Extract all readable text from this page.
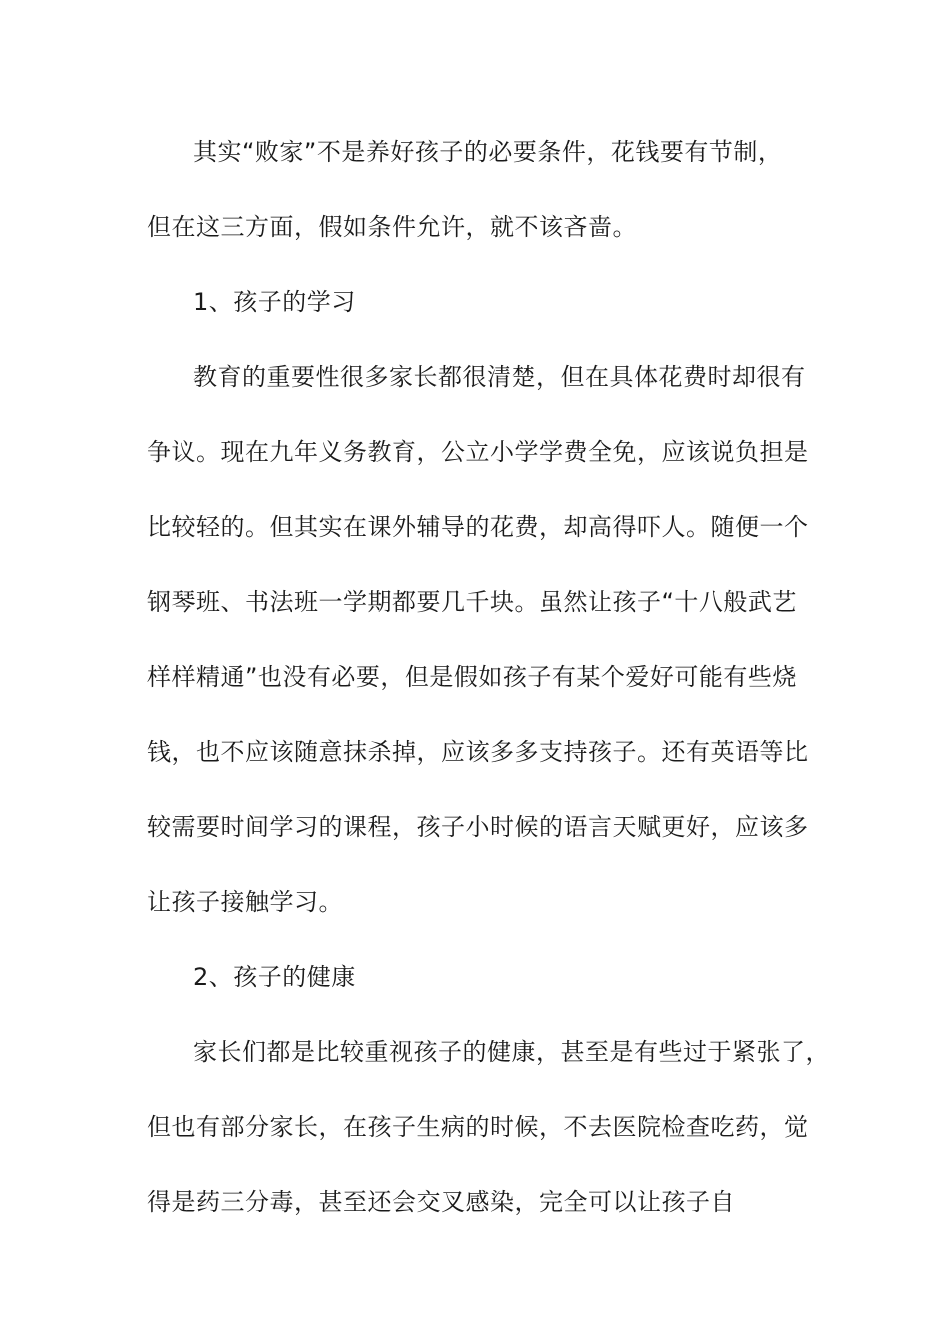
其实“败家”不是养好孩子的必要条件，花钱要有节制，
但在这三方面，假如条件允许，就不该吝啬。
1、孩子的学习
教育的重要性很多家长都很清楚，但在具体花费时却很有
争议。现在九年义务教育，公立小学学费全免，应该说负担是
比较轻的。但其实在课外辅导的花费，却高得吓人。随便一个
钢琴班、书法班一学期都要几千块。虽然让孩子“十八般武艺
样样精通”也没有必要，但是假如孩子有某个爱好可能有些烧
钱，也不应该随意抹杀掉，应该多多支持孩子。还有英语等比
较需要时间学习的课程，孩子小时候的语言天赋更好，应该多
让孩子接触学习。
2、孩子的健康
家长们都是比较重视孩子的健康，甚至是有些过于紧张了，
但也有部分家长，在孩子生病的时候，不去医院检查吃药，觉
得是药三分毒，甚至还会交叉感染，完全可以让孩子自
